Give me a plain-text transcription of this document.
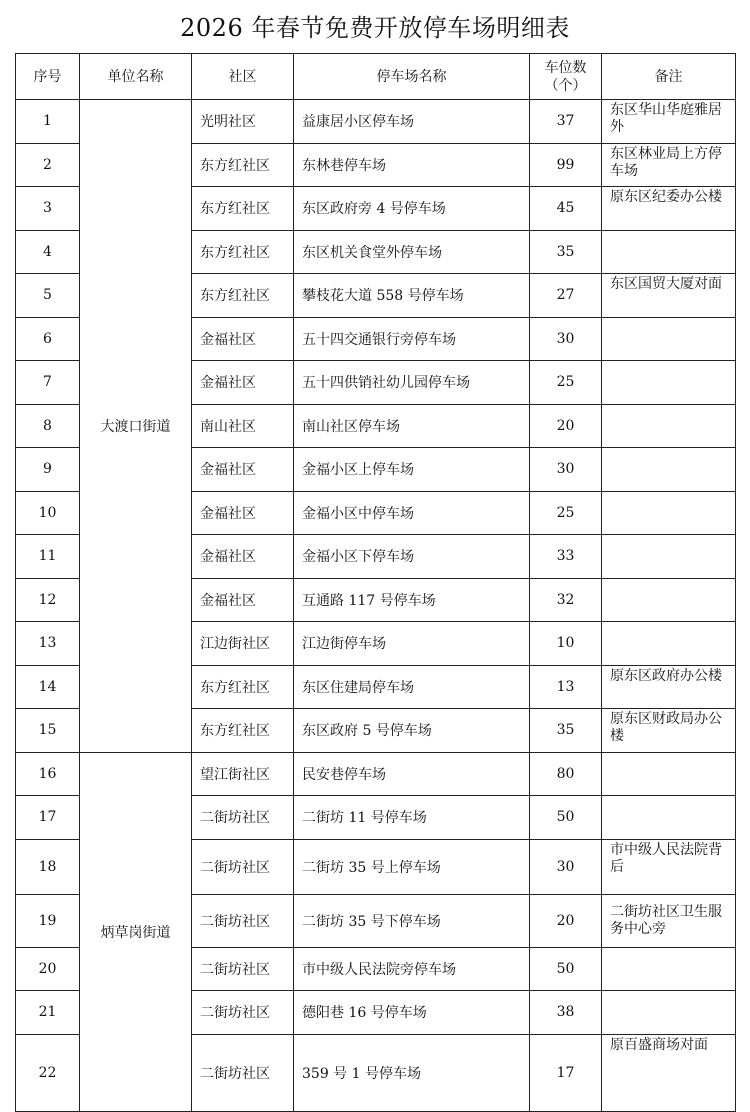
2026 年春节免费开放停车场明细表
序号	单位名称	社区	停车场名称	车位数（个）	备注
1	大渡口街道	光明社区	益康居小区停车场	37	东区华山华庭雅居外
2		东方红社区	东林巷停车场	99	东区林业局上方停车场
3		东方红社区	东区政府旁 4 号停车场	45	原东区纪委办公楼
4		东方红社区	东区机关食堂外停车场	35	
5		东方红社区	攀枝花大道 558 号停车场	27	东区国贸大厦对面
6		金福社区	五十四交通银行旁停车场	30	
7		金福社区	五十四供销社幼儿园停车场	25	
8		南山社区	南山社区停车场	20	
9		金福社区	金福小区上停车场	30	
10		金福社区	金福小区中停车场	25	
11		金福社区	金福小区下停车场	33	
12		金福社区	互通路 117 号停车场	32	
13		江边街社区	江边街停车场	10	
14		东方红社区	东区住建局停车场	13	原东区政府办公楼
15		东方红社区	东区政府 5 号停车场	35	原东区财政局办公楼
16	炳草岗街道	望江街社区	民安巷停车场	80	
17		二街坊社区	二街坊 11 号停车场	50	
18		二街坊社区	二街坊 35 号上停车场	30	市中级人民法院背后
19		二街坊社区	二街坊 35 号下停车场	20	二街坊社区卫生服务中心旁
20		二街坊社区	市中级人民法院旁停车场	50	
21		二街坊社区	德阳巷 16 号停车场	38	
22		二街坊社区	359 号 1 号停车场	17	原百盛商场对面
